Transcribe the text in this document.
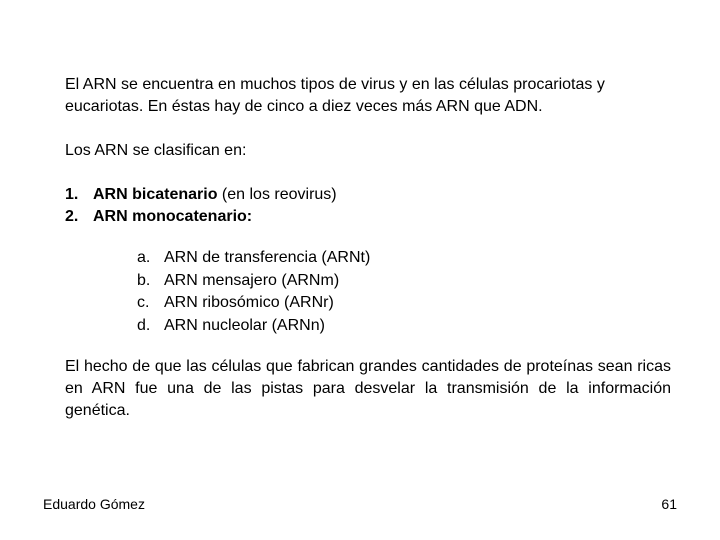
El ARN se encuentra en muchos tipos de virus y en las células procariotas y eucariotas. En éstas hay de cinco a diez veces más ARN que ADN.

Los ARN se clasifican en:

1. ARN bicatenario (en los reovirus)
2. ARN monocatenario:
a. ARN de transferencia (ARNt)
b. ARN mensajero (ARNm)
c. ARN ribosómico (ARNr)
d. ARN nucleolar (ARNn)

El hecho de que las células que fabrican grandes cantidades de proteínas sean ricas en ARN fue una de las pistas para desvelar la transmisión de la información genética.

Eduardo Gómez	61
